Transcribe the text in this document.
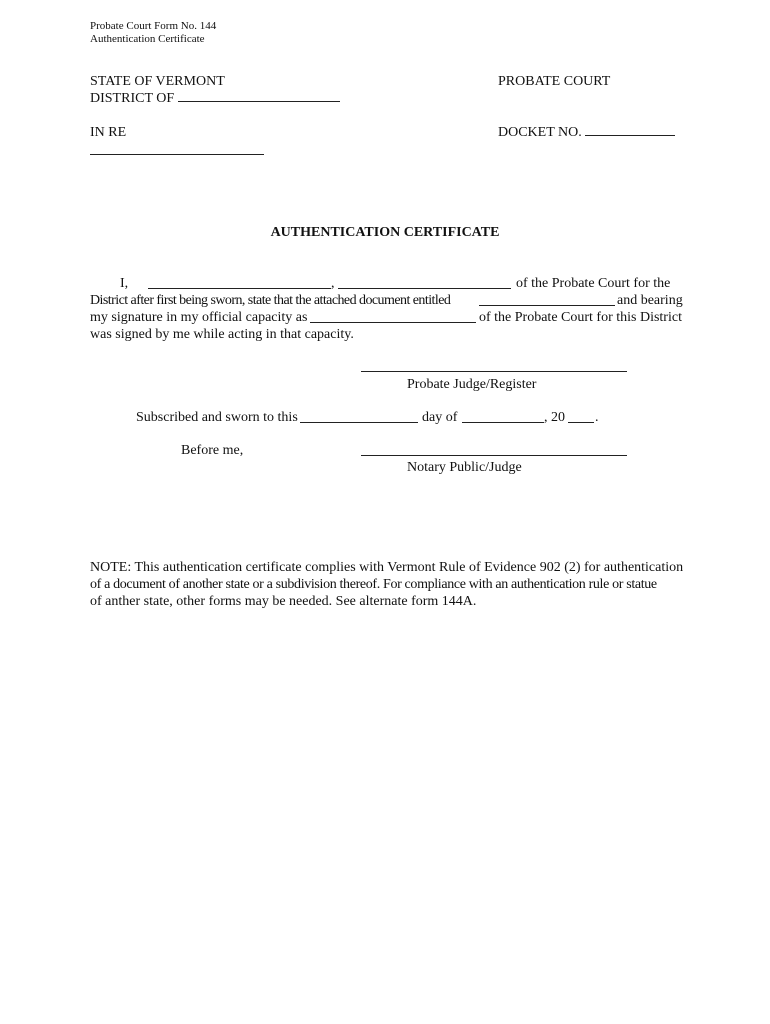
Probate Court Form No. 144
Authentication Certificate
STATE OF VERMONT	PROBATE COURT
DISTRICT OF
IN RE	DOCKET NO.
AUTHENTICATION CERTIFICATE
I,	,	of the Probate Court for the
District after first being sworn, state that the attached document entitled	and bearing
my signature in my official capacity as	of the Probate Court for this District
was signed by me while acting in that capacity.
Probate Judge/Register
Subscribed and sworn to this	day of	, 20 .
Before me,
Notary Public/Judge
NOTE: This authentication certificate complies with Vermont Rule of Evidence 902 (2) for authentication
of a document of another state or a subdivision thereof. For compliance with an authentication rule or statue
of anther state, other forms may be needed. See alternate form 144A.
